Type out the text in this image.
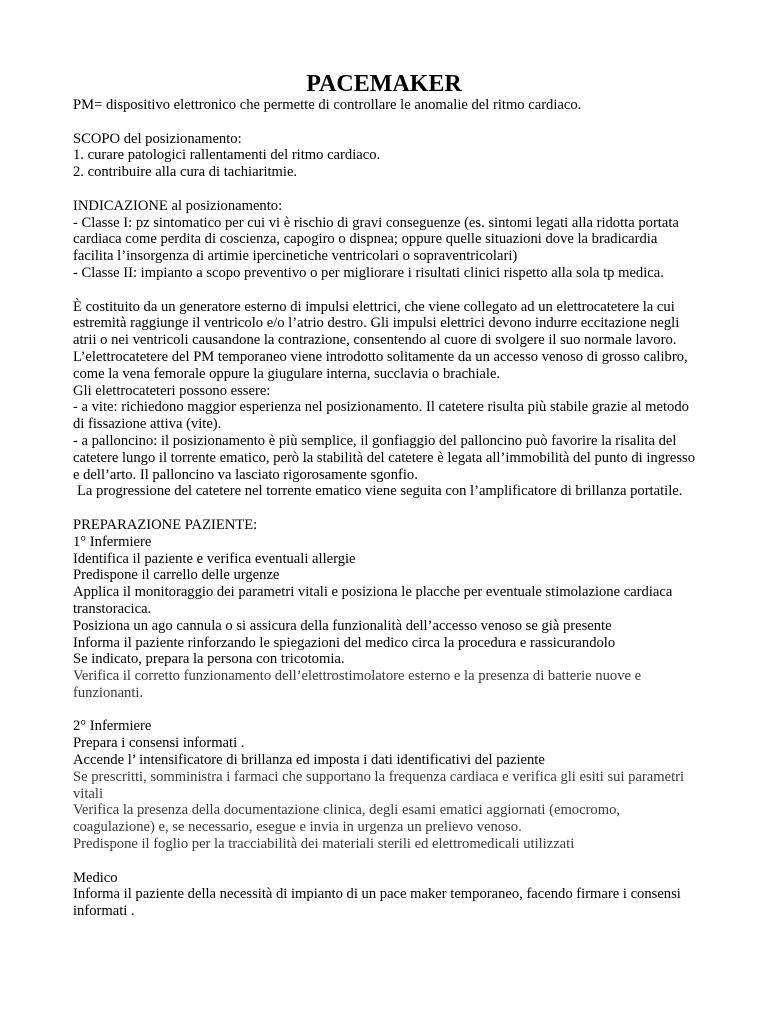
PACEMAKER

PM= dispositivo elettronico che permette di controllare le anomalie del ritmo cardiaco.

SCOPO del posizionamento:

1. curare patologici rallentamenti del ritmo cardiaco.

2. contribuire alla cura di tachiaritmie.

INDICAZIONE al posizionamento:

- Classe I: pz sintomatico per cui vi è rischio di gravi conseguenze (es. sintomi legati alla ridotta portata cardiaca come perdita di coscienza, capogiro o dispnea; oppure quelle situazioni dove la bradicardia facilita l’insorgenza di artimie ipercinetiche ventricolari o sopraventricolari)

- Classe II: impianto a scopo preventivo o per migliorare i risultati clinici rispetto alla sola tp medica.

È costituito da un generatore esterno di impulsi elettrici, che viene collegato ad un elettrocatetere la cui estremità raggiunge il ventricolo e/o l’atrio destro. Gli impulsi elettrici devono indurre eccitazione negli atrii o nei ventricoli causandone la contrazione, consentendo al cuore di svolgere il suo normale lavoro. L’elettrocatetere del PM temporaneo viene introdotto solitamente da un accesso venoso di grosso calibro, come la vena femorale oppure la giugulare interna, succlavia o brachiale.

Gli elettrocateteri possono essere:

- a vite: richiedono maggior esperienza nel posizionamento. Il catetere risulta più stabile grazie al metodo di fissazione attiva (vite).

- a palloncino: il posizionamento è più semplice, il gonfiaggio del palloncino può favorire la risalita del catetere lungo il torrente ematico, però la stabilità del catetere è legata all’immobilità del punto di ingresso e dell’arto. Il palloncino va lasciato rigorosamente sgonfio.

La progressione del catetere nel torrente ematico viene seguita con l’amplificatore di brillanza portatile.

PREPARAZIONE PAZIENTE:

1° Infermiere

Identifica il paziente e verifica eventuali allergie

Predispone il carrello delle urgenze

Applica il monitoraggio dei parametri vitali e posiziona le placche per eventuale stimolazione cardiaca transtoracica.

Posiziona un ago cannula o si assicura della funzionalità dell’accesso venoso se già presente

Informa il paziente rinforzando le spiegazioni del medico circa la procedura e rassicurandolo

Se indicato, prepara la persona con tricotomia.

Verifica il corretto funzionamento dell’elettrostimolatore esterno e la presenza di batterie nuove e funzionanti.

2° Infermiere

Prepara i consensi informati .

Accende l’ intensificatore di brillanza ed imposta i dati identificativi del paziente

Se prescritti, somministra i farmaci che supportano la frequenza cardiaca e verifica gli esiti sui parametri vitali

Verifica la presenza della documentazione clinica, degli esami ematici aggiornati (emocromo, coagulazione) e, se necessario, esegue e invia in urgenza un prelievo venoso.

Predispone il foglio per la tracciabilità dei materiali sterili ed elettromedicali utilizzati

Medico

Informa il paziente della necessità di impianto di un pace maker temporaneo, facendo firmare i consensi informati .
